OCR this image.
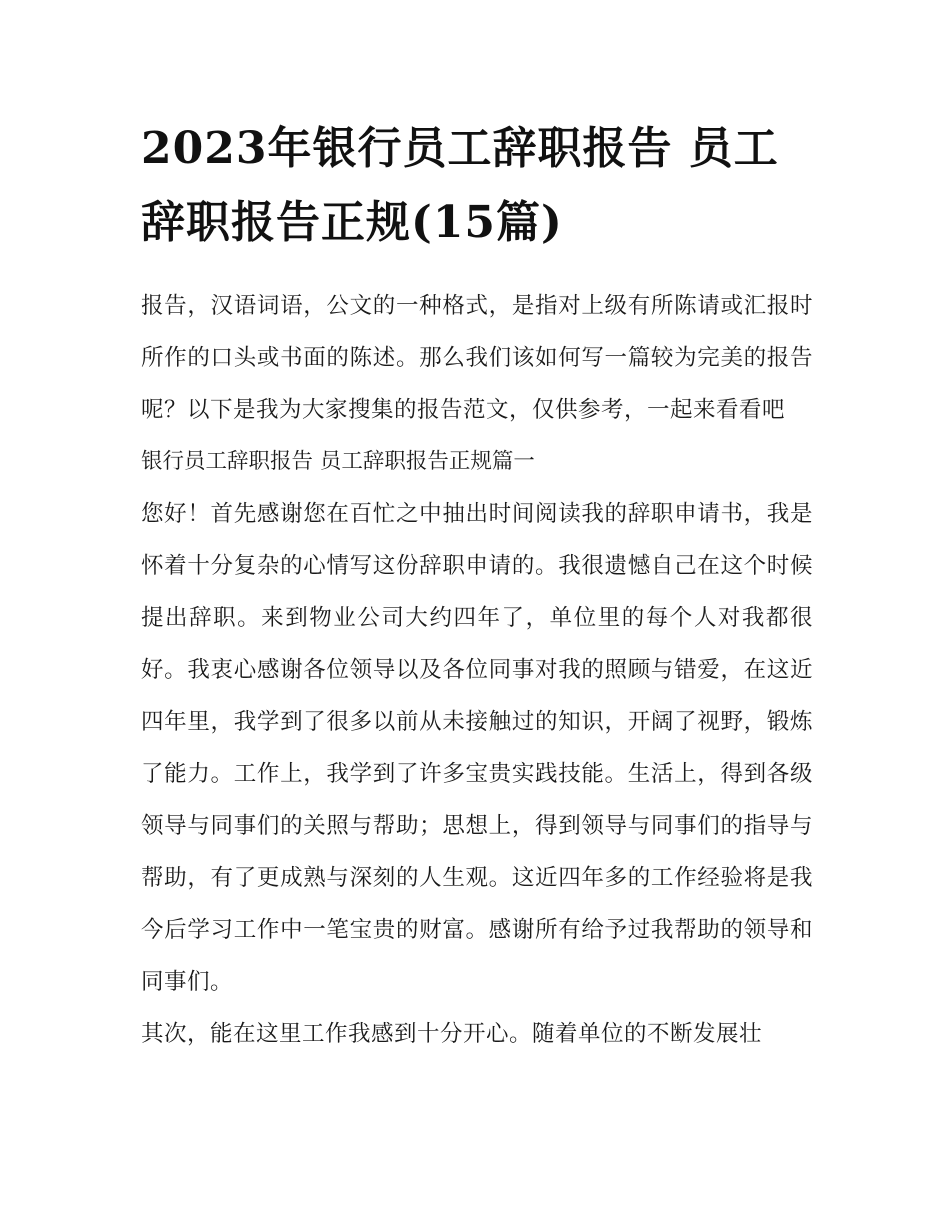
2023年银行员工辞职报告 员工辞职报告正规(15篇)

报告，汉语词语，公文的一种格式，是指对上级有所陈请或汇报时所作的口头或书面的陈述。那么我们该如何写一篇较为完美的报告呢？以下是我为大家搜集的报告范文，仅供参考，一起来看看吧

银行员工辞职报告 员工辞职报告正规篇一

您好！首先感谢您在百忙之中抽出时间阅读我的辞职申请书，我是怀着十分复杂的心情写这份辞职申请的。我很遗憾自己在这个时候提出辞职。来到物业公司大约四年了，单位里的每个人对我都很好。我衷心感谢各位领导以及各位同事对我的照顾与错爱，在这近四年里，我学到了很多以前从未接触过的知识，开阔了视野，锻炼了能力。工作上，我学到了许多宝贵实践技能。生活上，得到各级领导与同事们的关照与帮助；思想上，得到领导与同事们的指导与帮助，有了更成熟与深刻的人生观。这近四年多的工作经验将是我今后学习工作中一笔宝贵的财富。感谢所有给予过我帮助的领导和同事们。

其次，能在这里工作我感到十分开心。随着单位的不断发展壮
